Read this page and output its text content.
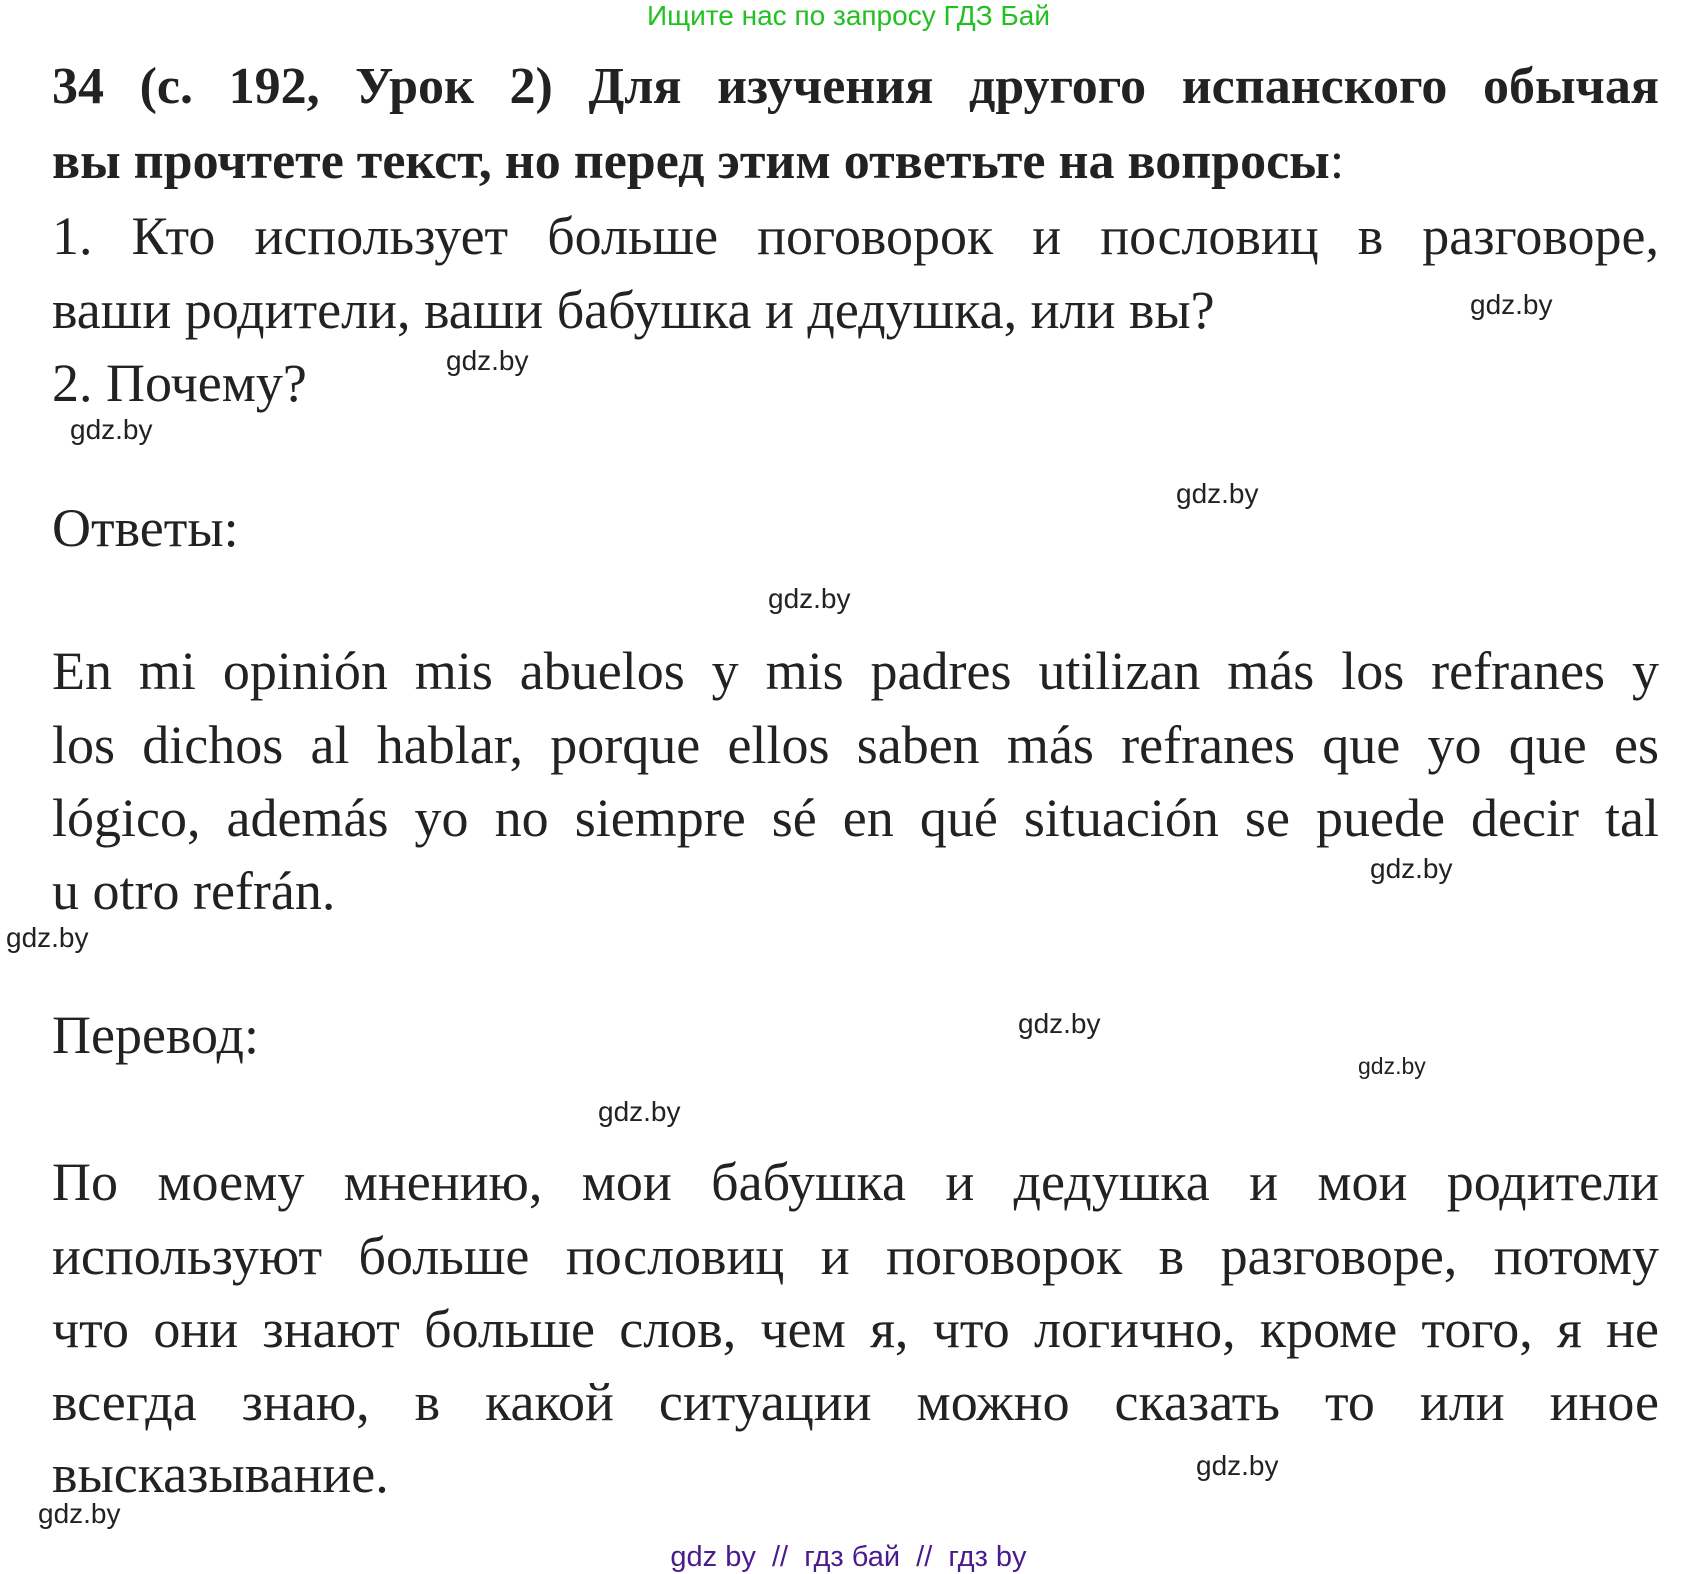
Ищите нас по запросу ГДЗ Бай
34 (с. 192, Урок 2) Для изучения другого испанского обычая
вы прочтете текст, но перед этим ответьте на вопросы:
1. Кто использует больше поговорок и пословиц в разговоре,
ваши родители, ваши бабушка и дедушка, или вы?
2. Почему?
Ответы:
En mi opinión mis abuelos y mis padres utilizan más los refranes y
los dichos al hablar, porque ellos saben más refranes que yo que es
lógico, además yo no siempre sé en qué situación se puede decir tal
u otro refrán.
Перевод:
По моему мнению, мои бабушка и дедушка и мои родители
используют больше пословиц и поговорок в разговоре, потому
что они знают больше слов, чем я, что логично, кроме того, я не
всегда знаю, в какой ситуации можно сказать то или иное
высказывание.
gdz.by
gdz.by
gdz.by
gdz.by
gdz.by
gdz.by
gdz.by
gdz.by
gdz.by
gdz.by
gdz.by
gdz.by
gdz by  //  гдз бай  //  гдз by
